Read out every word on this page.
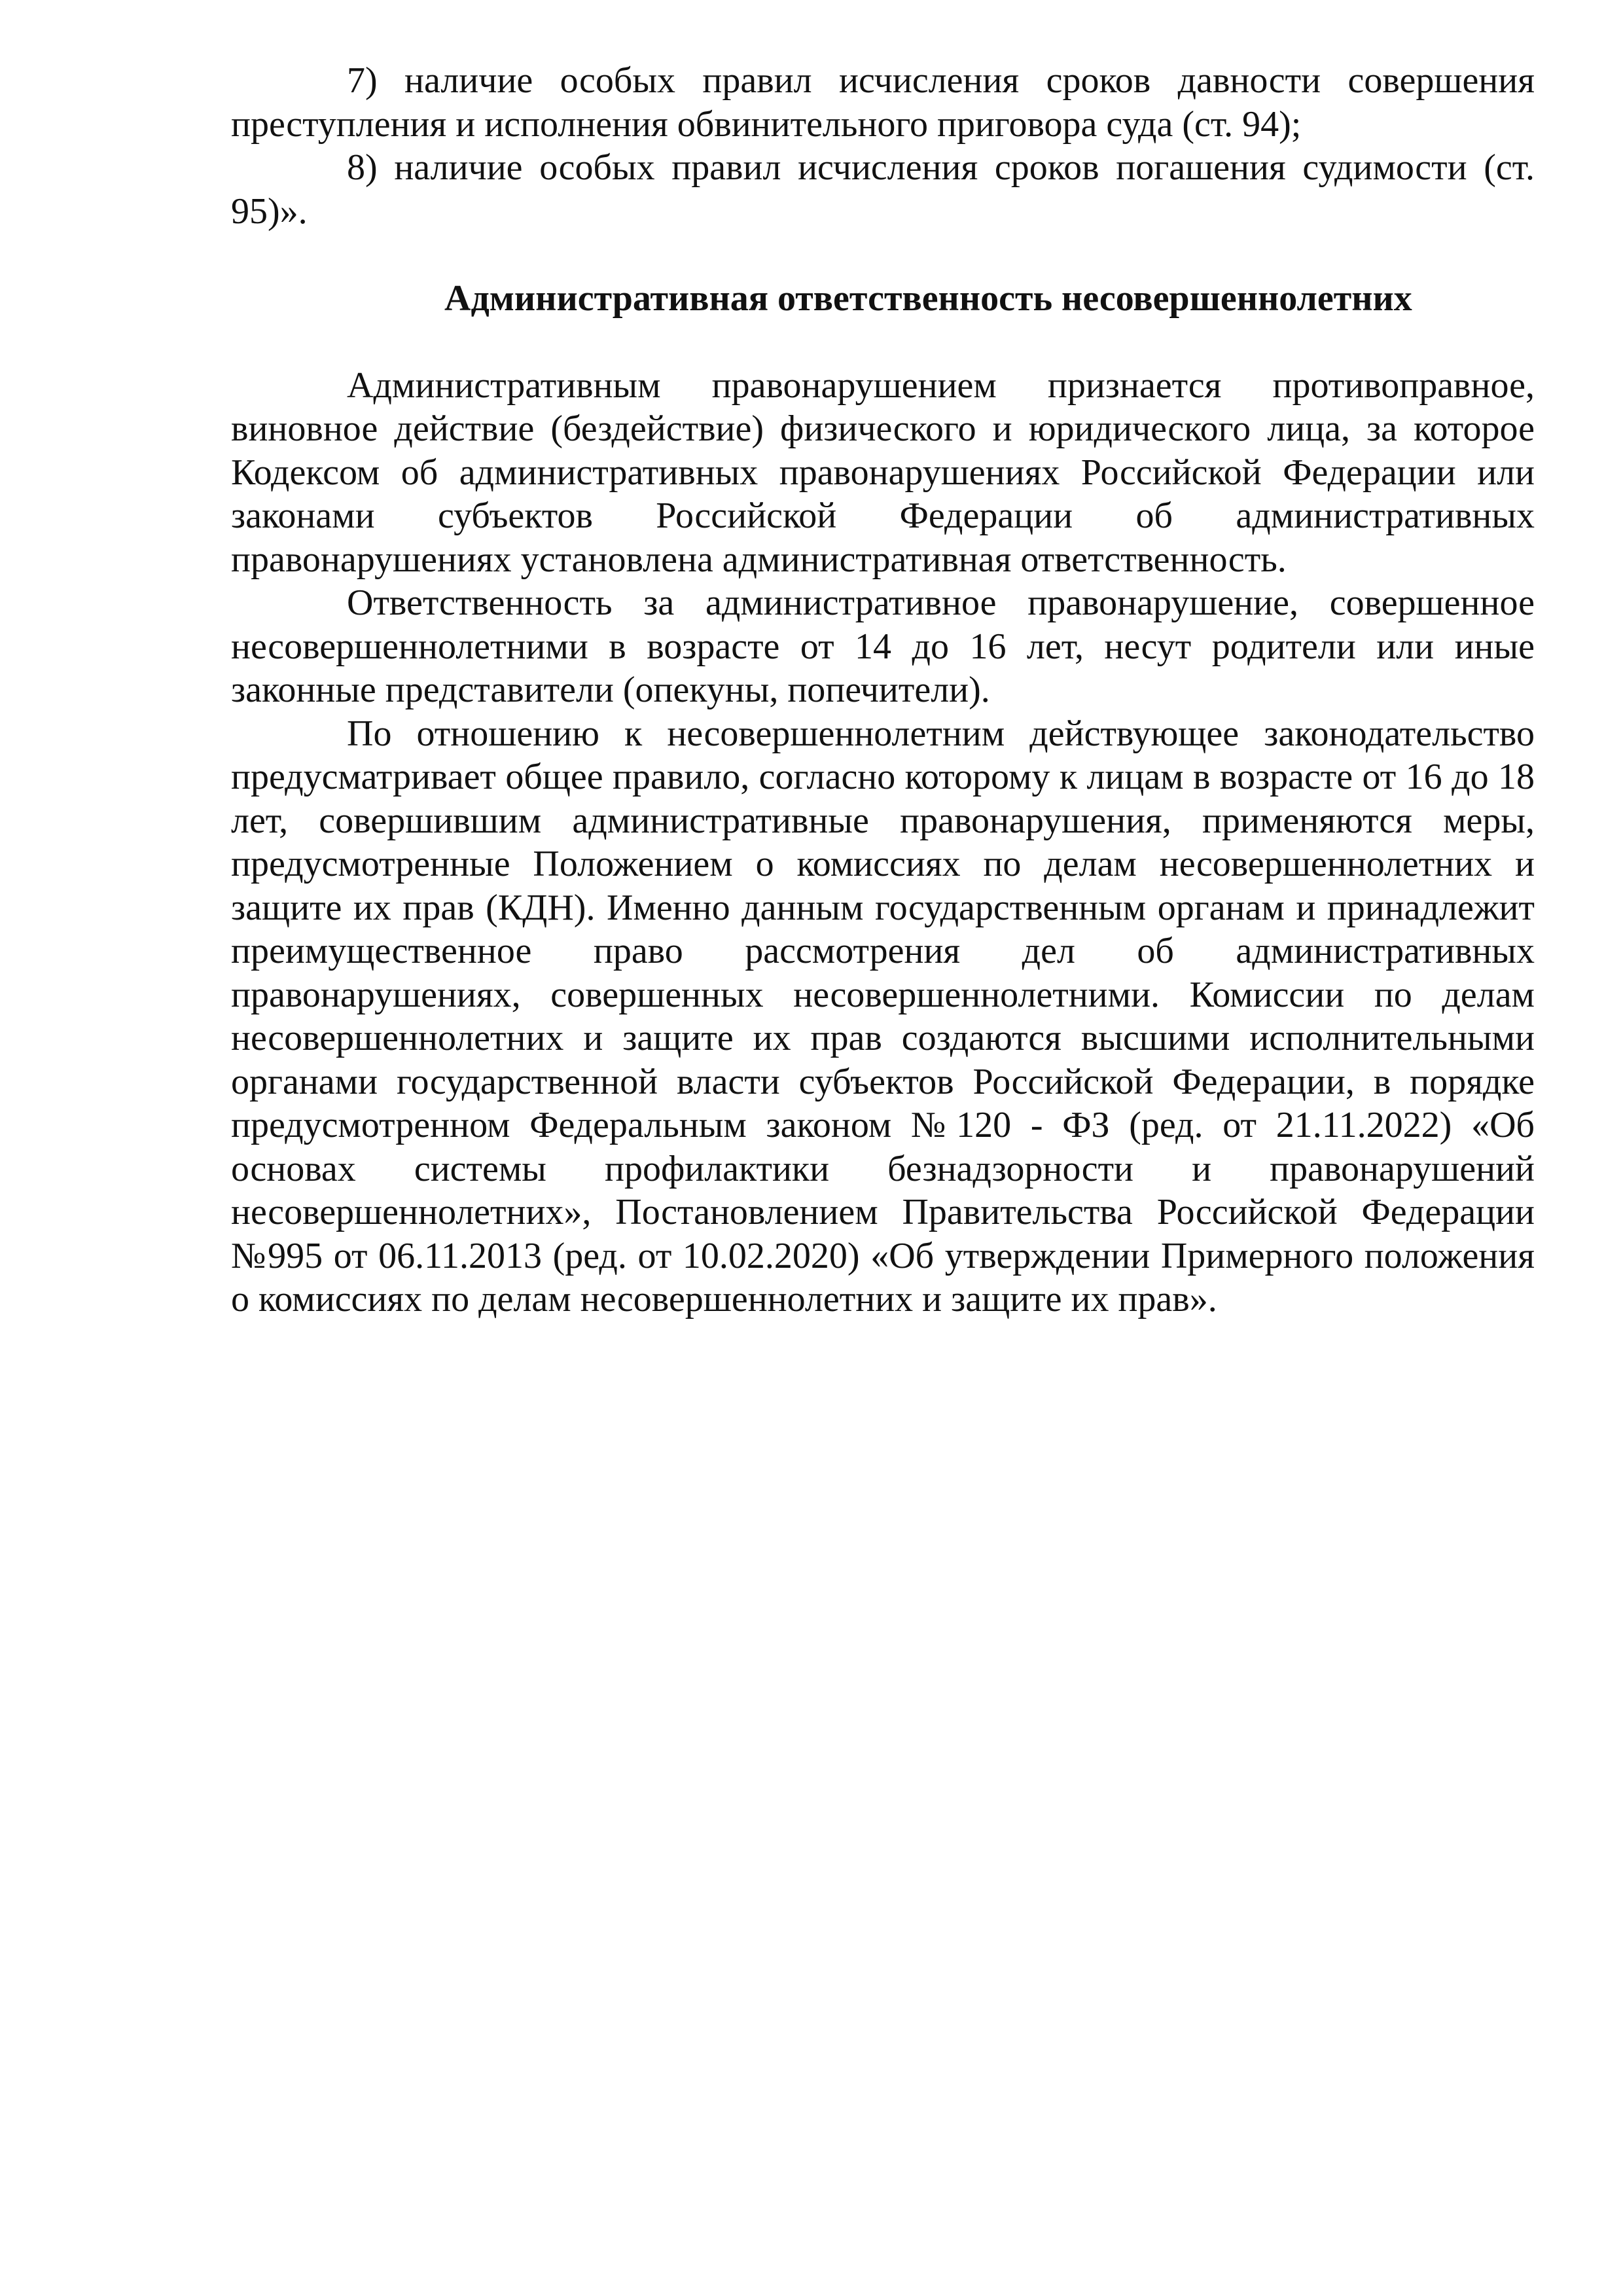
7) наличие особых правил исчисления сроков давности совершения преступления и исполнения обвинительного приговора суда (ст. 94);

8) наличие особых правил исчисления сроков погашения судимости (ст. 95)».

Административная ответственность несовершеннолетних

Административным правонарушением признается противоправное, виновное действие (бездействие) физического и юридического лица, за которое Кодексом об административных правонарушениях Российской Федерации или законами субъектов Российской Федерации об административных правонарушениях установлена административная ответственность.

Ответственность за административное правонарушение, совершенное несовершеннолетними в возрасте от 14 до 16 лет, несут родители или иные законные представители (опекуны, попечители).

По отношению к несовершеннолетним действующее законодательство предусматривает общее правило, согласно которому к лицам в возрасте от 16 до 18 лет, совершившим административные правонарушения, применяются меры, предусмотренные Положением о комиссиях по делам несовершеннолетних и защите их прав (КДН). Именно данным государственным органам и принадлежит преимущественное право рассмотрения дел об административных правонарушениях, совершенных несовершеннолетними. Комиссии по делам несовершеннолетних и защите их прав создаются высшими исполнительными органами государственной власти субъектов Российской Федерации, в порядке предусмотренном Федеральным законом №120 - ФЗ (ред. от 21.11.2022) «Об основах системы профилактики безнадзорности и правонарушений несовершеннолетних», Постановлением Правительства Российской Федерации №995 от 06.11.2013 (ред. от 10.02.2020) «Об утверждении Примерного положения о комиссиях по делам несовершеннолетних и защите их прав».
